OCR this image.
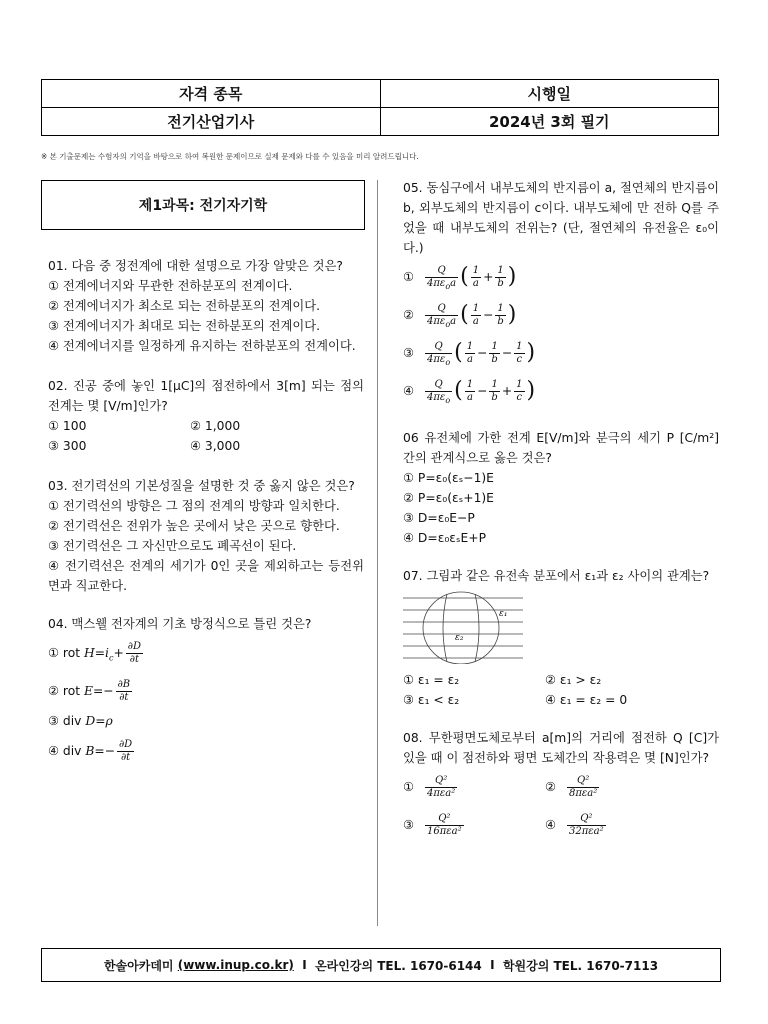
자격 종목	시행일
전기산업기사	2024년 3회 필기
※ 본 기출문제는 수험자의 기억을 바탕으로 하여 복원한 문제이므로 실제 문제와 다를 수 있음을 미리 알려드립니다.
제1과목: 전기자기학
01. 다음 중 정전계에 대한 설명으로 가장 알맞은 것은?
① 전계에너지와 무관한 전하분포의 전계이다.
② 전계에너지가 최소로 되는 전하분포의 전계이다.
③ 전계에너지가 최대로 되는 전하분포의 전계이다.
④ 전계에너지를 일정하게 유지하는 전하분포의 전계이다.
02. 진공 중에 놓인 1[μC]의 점전하에서 3[m] 되는 점의 전계는 몇 [V/m]인가?
① 100	② 1,000
③ 300	④ 3,000
03. 전기력선의 기본성질을 설명한 것 중 옳지 않은 것은?
① 전기력선의 방향은 그 점의 전계의 방향과 일치한다.
② 전기력선은 전위가 높은 곳에서 낮은 곳으로 향한다.
③ 전기력선은 그 자신만으로도 폐곡선이 된다.
④ 전기력선은 전계의 세기가 0인 곳을 제외하고는 등전위면과 직교한다.
04. 맥스웰 전자계의 기초 방정식으로 틀린 것은?
① rot
$H = i_c + \frac{\partial D}{\partial t}$
② rot
$E =- \frac{\partial B}{\partial t}$
③ div
D = ρ
④ div
$B =- \frac{\partial D}{\partial t}$
05. 동심구에서 내부도체의 반지름이 a, 절연체의 반지름이 b, 외부도체의 반지름이 c이다. 내부도체에 만 전하 Q를 주었을 때 내부도체의 전위는? (단, 절연체의 유전율은 ε₀이다.)
①	$\frac{Q}{4\pi\varepsilon_oa}$ ( $\frac{1}{a} + \frac{1}{b}$ )
②	$\frac{Q}{4\pi\varepsilon_oa}$ ( $\frac{1}{a} - \frac{1}{b}$ )
③	$\frac{Q}{4\pi\varepsilon_o}$ ( $\frac{1}{a} - \frac{1}{b} - \frac{1}{c}$ )
④	$\frac{Q}{4\pi\varepsilon_o}$ ( $\frac{1}{a} - \frac{1}{b} + \frac{1}{c}$ )
06 유전체에 가한 전계 E[V/m]와 분극의 세기 P [C/m²] 간의 관계식으로 옳은 것은?
① P=ε₀(εₛ−1)E
② P=ε₀(εₛ+1)E
③ D=ε₀E−P
④ D=ε₀εₛE+P
07. 그림과 같은 유전속 분포에서 ε₁과 ε₂ 사이의 관계는?
ε₁
ε₂
① ε₁ = ε₂	② ε₁ > ε₂
③ ε₁ < ε₂	④ ε₁ = ε₂ = 0
08. 무한평면도체로부터 a[m]의 거리에 점전하 Q [C]가 있을 때 이 점전하와 평면 도체간의 작용력은 몇 [N]인가?
①	$\frac{\text{Q²}}{\text{4πεa²}}$	②	$\frac{\text{Q²}}{\text{8πεa²}}$
③	$\frac{\text{Q²}}{\text{16πεa²}}$	④	$\frac{\text{Q²}}{\text{32πεa²}}$
한솔아카데미
(www.inup.co.kr)
I
온라인강의 TEL. 1670-6144
I
학원강의 TEL. 1670-7113
